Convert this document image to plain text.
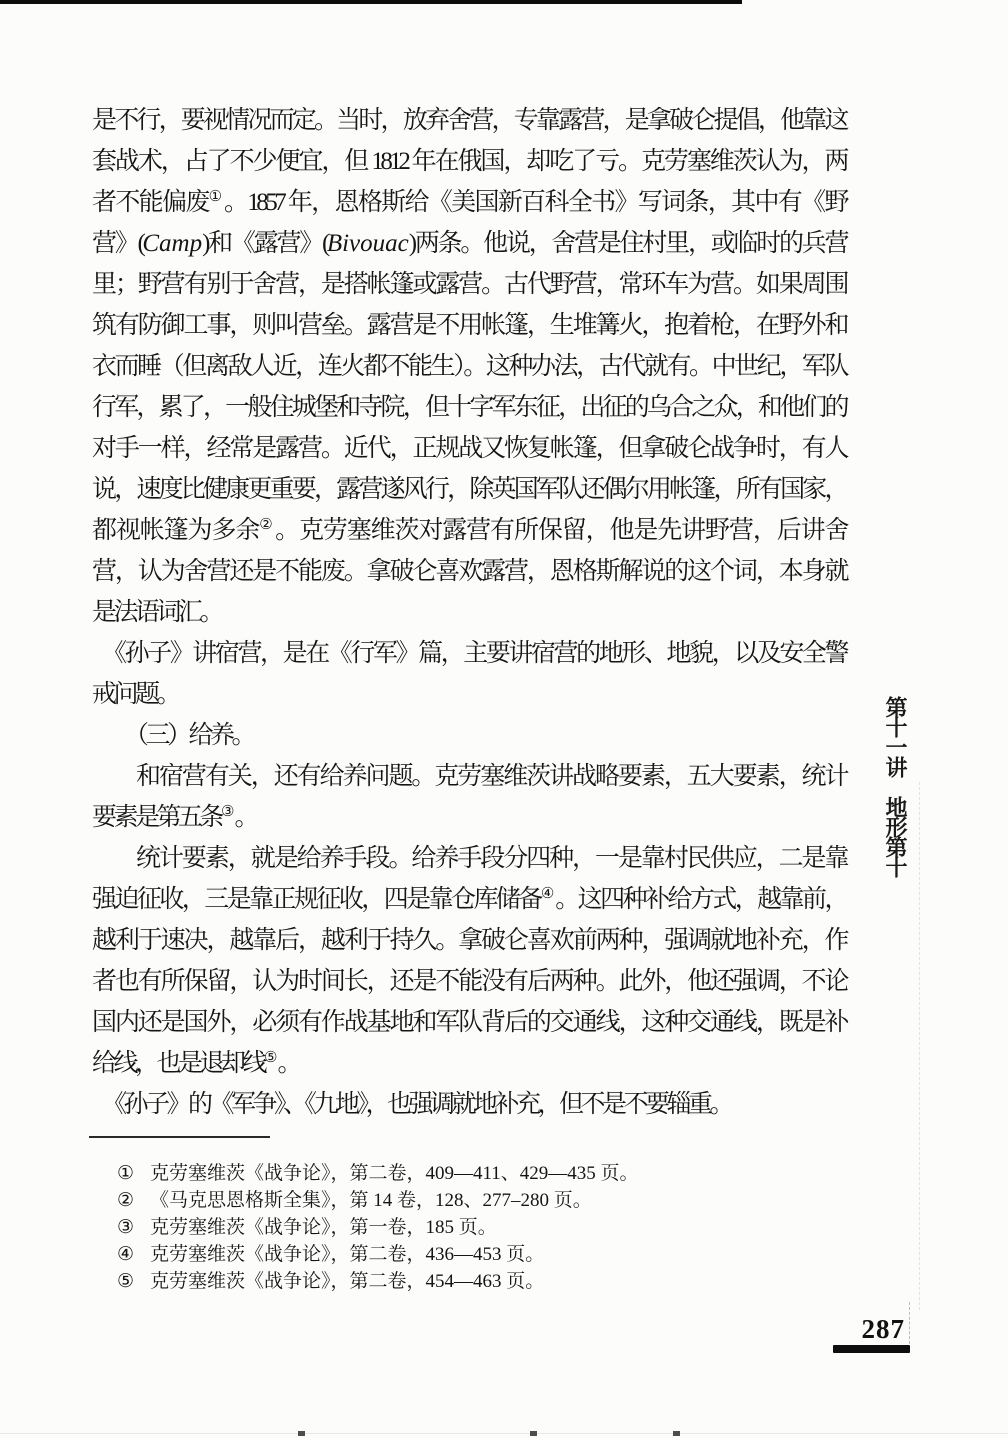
是不行，要视情况而定。当时，放弃舍营，专靠露营，是拿破仑提倡，他靠这
套战术，占了不少便宜，但 1812 年在俄国，却吃了亏。克劳塞维茨认为，两
者不能偏废①。1857 年，恩格斯给《美国新百科全书》写词条，其中有《野
营》(Camp)和《露营》(Bivouac)两条。他说，舍营是住村里，或临时的兵营
里；野营有别于舍营，是搭帐篷或露营。古代野营，常环车为营。如果周围
筑有防御工事，则叫营垒。露营是不用帐篷，生堆篝火，抱着枪，在野外和
衣而睡（但离敌人近，连火都不能生）。这种办法，古代就有。中世纪，军队
行军，累了，一般住城堡和寺院，但十字军东征，出征的乌合之众，和他们的
对手一样，经常是露营。近代，正规战又恢复帐篷，但拿破仑战争时，有人
说，速度比健康更重要，露营遂风行，除英国军队还偶尔用帐篷，所有国家，
都视帐篷为多余②。克劳塞维茨对露营有所保留，他是先讲野营，后讲舍
营，认为舍营还是不能废。拿破仑喜欢露营，恩格斯解说的这个词，本身就
是法语词汇。
《孙子》讲宿营，是在《行军》篇，主要讲宿营的地形、地貌，以及安全警
戒问题。
（三）给养。
和宿营有关，还有给养问题。克劳塞维茨讲战略要素，五大要素，统计
要素是第五条③。
统计要素，就是给养手段。给养手段分四种，一是靠村民供应，二是靠
强迫征收，三是靠正规征收，四是靠仓库储备④。这四种补给方式，越靠前，
越利于速决，越靠后，越利于持久。拿破仑喜欢前两种，强调就地补充，作
者也有所保留，认为时间长，还是不能没有后两种。此外，他还强调，不论
国内还是国外，必须有作战基地和军队背后的交通线，这种交通线，既是补
给线，也是退却线⑤。
《孙子》的《军争》、《九地》，也强调就地补充，但不是不要辎重。
第十一讲　地形第十
① 克劳塞维茨《战争论》，第二卷，409—411、429—435 页。
② 《马克思恩格斯全集》，第 14 卷，128、277–280 页。
③ 克劳塞维茨《战争论》，第一卷，185 页。
④ 克劳塞维茨《战争论》，第二卷，436—453 页。
⑤ 克劳塞维茨《战争论》，第二卷，454—463 页。
287
